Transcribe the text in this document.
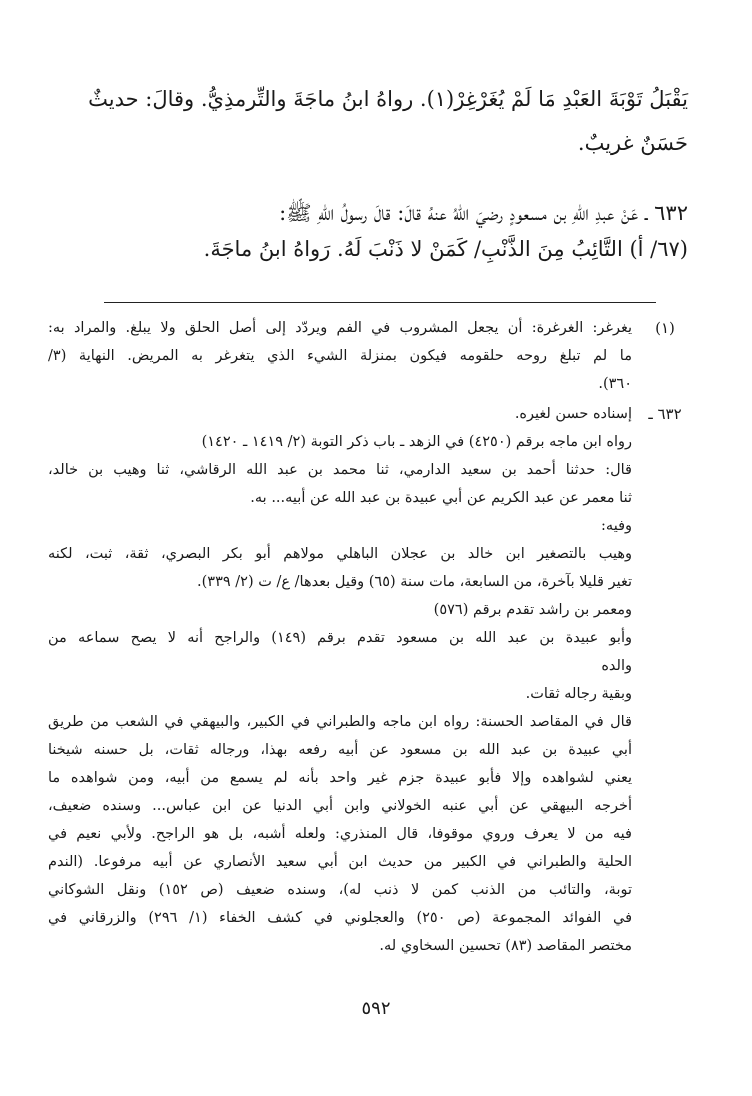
يَقْبَلُ تَوْبَةَ العَبْدِ مَا لَمْ يُغَرْغِرْ(١). رواهُ ابنُ ماجَةَ والتِّرمذِيُّ. وقالَ: حديثٌ
حَسَنٌ غريبٌ.
٦٣٢ ـ عَنْ عبدِ اللهِ بن مسعودٍ رضيَ اللهُ عنهُ قالَ: قالَ رسولُ اللهِ ﷺ:
(٦٧/ أ) التَّائِبُ مِنَ الذَّنْبِ/ كَمَنْ لا ذَنْبَ لَهُ. رَواهُ ابنُ ماجَةَ.
(١)
يغرغر: الغرغرة: أن يجعل المشروب في الفم ويردّد إلى أصل الحلق ولا يبلغ. والمراد به:
ما لم تبلغ روحه حلقومه فيكون بمنزلة الشيء الذي يتغرغر به المريض. النهاية (٣/
٣٦٠).
٦٣٢ ـ
إسناده حسن لغيره.
رواه ابن ماجه برقم (٤٢٥٠) في الزهد ـ باب ذكر التوبة (٢/ ١٤١٩ ـ ١٤٢٠)
قال: حدثنا أحمد بن سعيد الدارمي، ثنا محمد بن عبد الله الرقاشي، ثنا وهيب بن خالد،
ثنا معمر عن عبد الكريم عن أبي عبيدة بن عبد الله عن أبيه... به.
وفيه:
وهيب بالتصغير ابن خالد بن عجلان الباهلي مولاهم أبو بكر البصري، ثقة، ثبت، لكنه
تغير قليلا بآخرة، من السابعة، مات سنة (٦٥) وقيل بعدها/ ع/ ت (٢/ ٣٣٩).
ومعمر بن راشد تقدم برقم (٥٧٦)
وأبو عبيدة بن عبد الله بن مسعود تقدم برقم (١٤٩) والراجح أنه لا يصح سماعه من
والده
وبقية رجاله ثقات.
قال في المقاصد الحسنة: رواه ابن ماجه والطبراني في الكبير، والبيهقي في الشعب من طريق
أبي عبيدة بن عبد الله بن مسعود عن أبيه رفعه بهذا، ورجاله ثقات، بل حسنه شيخنا
يعني لشواهده وإلا فأبو عبيدة جزم غير واحد بأنه لم يسمع من أبيه، ومن شواهده ما
أخرجه البيهقي عن أبي عنبه الخولاني وابن أبي الدنيا عن ابن عباس... وسنده ضعيف،
فيه من لا يعرف وروي موقوفا، قال المنذري: ولعله أشبه، بل هو الراجح. ولأبي نعيم في
الحلية والطبراني في الكبير من حديث ابن أبي سعيد الأنصاري عن أبيه مرفوعا. (الندم
توبة، والتائب من الذنب كمن لا ذنب له)، وسنده ضعيف (ص ١٥٢) ونقل الشوكاني
في الفوائد المجموعة (ص ٢٥٠) والعجلوني في كشف الخفاء (١/ ٢٩٦) والزرقاني في
مختصر المقاصد (٨٣) تحسين السخاوي له.
٥٩٢
